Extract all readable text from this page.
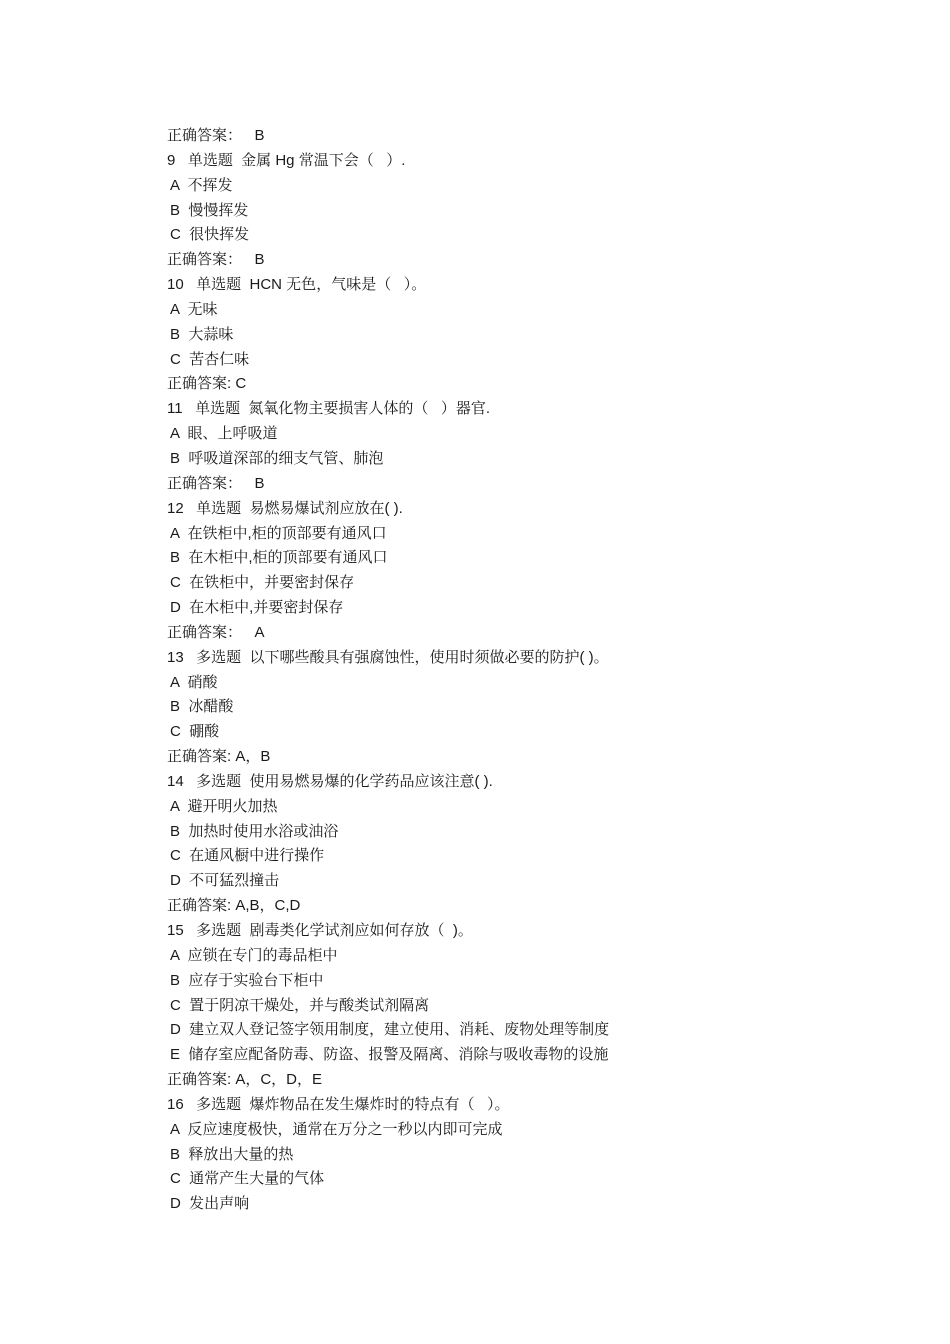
正确答案：   B

9   单选题  金属 Hg 常温下会（   ）.

A  不挥发

B  慢慢挥发

C  很快挥发

正确答案：   B

10   单选题  HCN 无色，气味是（   ）。

A  无味

B  大蒜味

C  苦杏仁味

正确答案: C

11   单选题  氮氧化物主要损害人体的（   ）器官.

A  眼、上呼吸道

B  呼吸道深部的细支气管、肺泡

正确答案：   B

12   单选题  易燃易爆试剂应放在( ).

A  在铁柜中,柜的顶部要有通风口

B  在木柜中,柜的顶部要有通风口

C  在铁柜中，并要密封保存

D  在木柜中,并要密封保存

正确答案：   A

13   多选题  以下哪些酸具有强腐蚀性，使用时须做必要的防护( )。

A  硝酸

B  冰醋酸

C  硼酸

正确答案: A，B

14   多选题  使用易燃易爆的化学药品应该注意( ).

A  避开明火加热

B  加热时使用水浴或油浴

C  在通风橱中进行操作

D  不可猛烈撞击

正确答案: A,B，C,D

15   多选题  剧毒类化学试剂应如何存放（  )。

A  应锁在专门的毒品柜中

B  应存于实验台下柜中

C  置于阴凉干燥处，并与酸类试剂隔离

D  建立双人登记签字领用制度，建立使用、消耗、废物处理等制度

E  储存室应配备防毒、防盗、报警及隔离、消除与吸收毒物的设施

正确答案: A，C，D，E

16   多选题  爆炸物品在发生爆炸时的特点有（   ）。

A  反应速度极快，通常在万分之一秒以内即可完成

B  释放出大量的热

C  通常产生大量的气体

D  发出声响
